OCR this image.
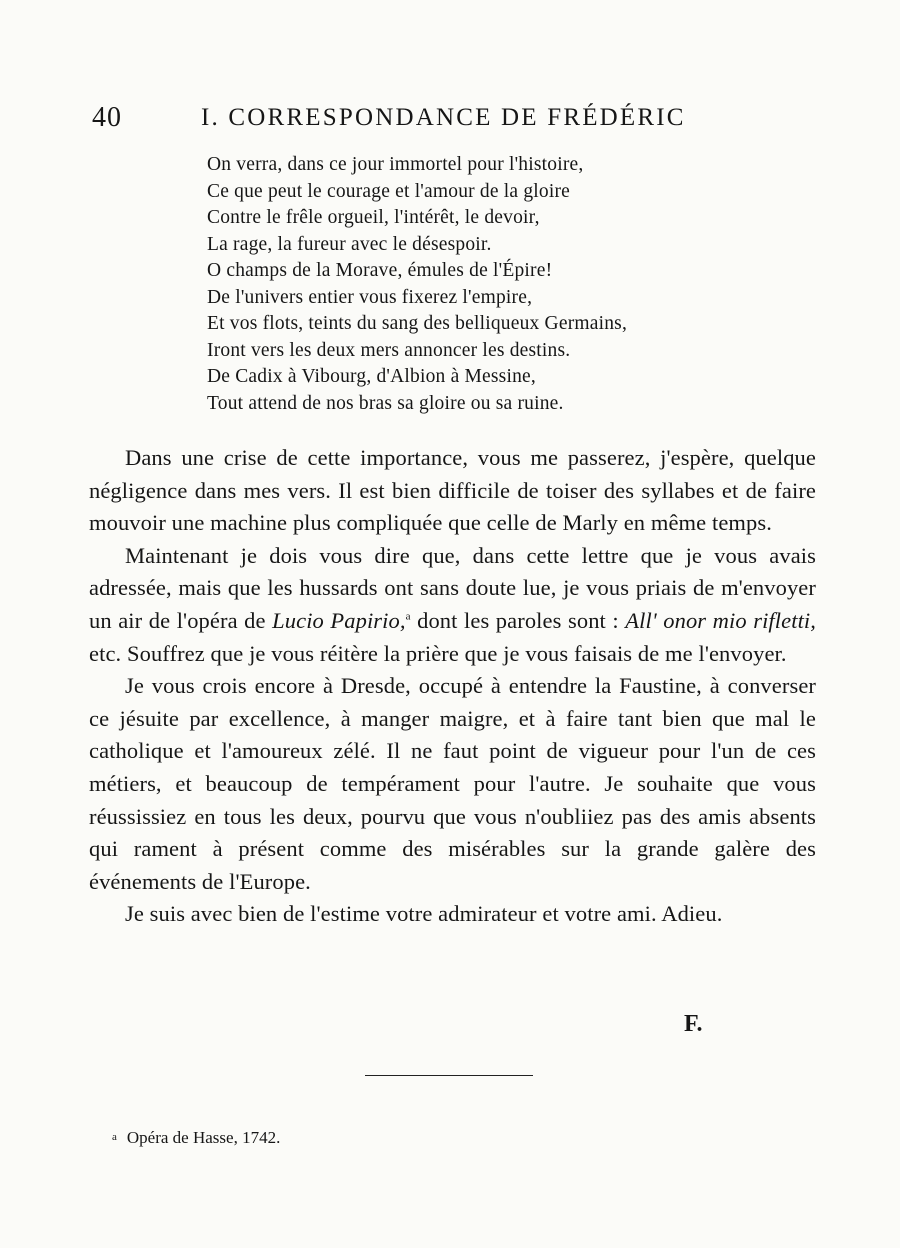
40	I. CORRESPONDANCE DE FRÉDÉRIC
On verra, dans ce jour immortel pour l'histoire,
Ce que peut le courage et l'amour de la gloire
Contre le frêle orgueil, l'intérêt, le devoir,
La rage, la fureur avec le désespoir.
O champs de la Morave, émules de l'Épire!
De l'univers entier vous fixerez l'empire,
Et vos flots, teints du sang des belliqueux Germains,
Iront vers les deux mers annoncer les destins.
De Cadix à Vibourg, d'Albion à Messine,
Tout attend de nos bras sa gloire ou sa ruine.

Dans une crise de cette importance, vous me passerez, j'espère, quelque négligence dans mes vers. Il est bien difficile de toiser des syllabes et de faire mouvoir une machine plus compliquée que celle de Marly en même temps.

Maintenant je dois vous dire que, dans cette lettre que je vous avais adressée, mais que les hussards ont sans doute lue, je vous priais de m'envoyer un air de l'opéra de Lucio Papirio,$^a$ dont les paroles sont : All' onor mio rifletti, etc. Souffrez que je vous réitère la prière que je vous faisais de me l'envoyer.

Je vous crois encore à Dresde, occupé à entendre la Faustine, à converser ce jésuite par excellence, à manger maigre, et à faire tant bien que mal le catholique et l'amoureux zélé. Il ne faut point de vigueur pour l'un de ces métiers, et beaucoup de tempérament pour l'autre. Je souhaite que vous réussissiez en tous les deux, pourvu que vous n'oubliiez pas des amis absents qui rament à présent comme des misérables sur la grande galère des événements de l'Europe.

Je suis avec bien de l'estime votre admirateur et votre ami. Adieu.

F.
a Opéra de Hasse, 1742.
